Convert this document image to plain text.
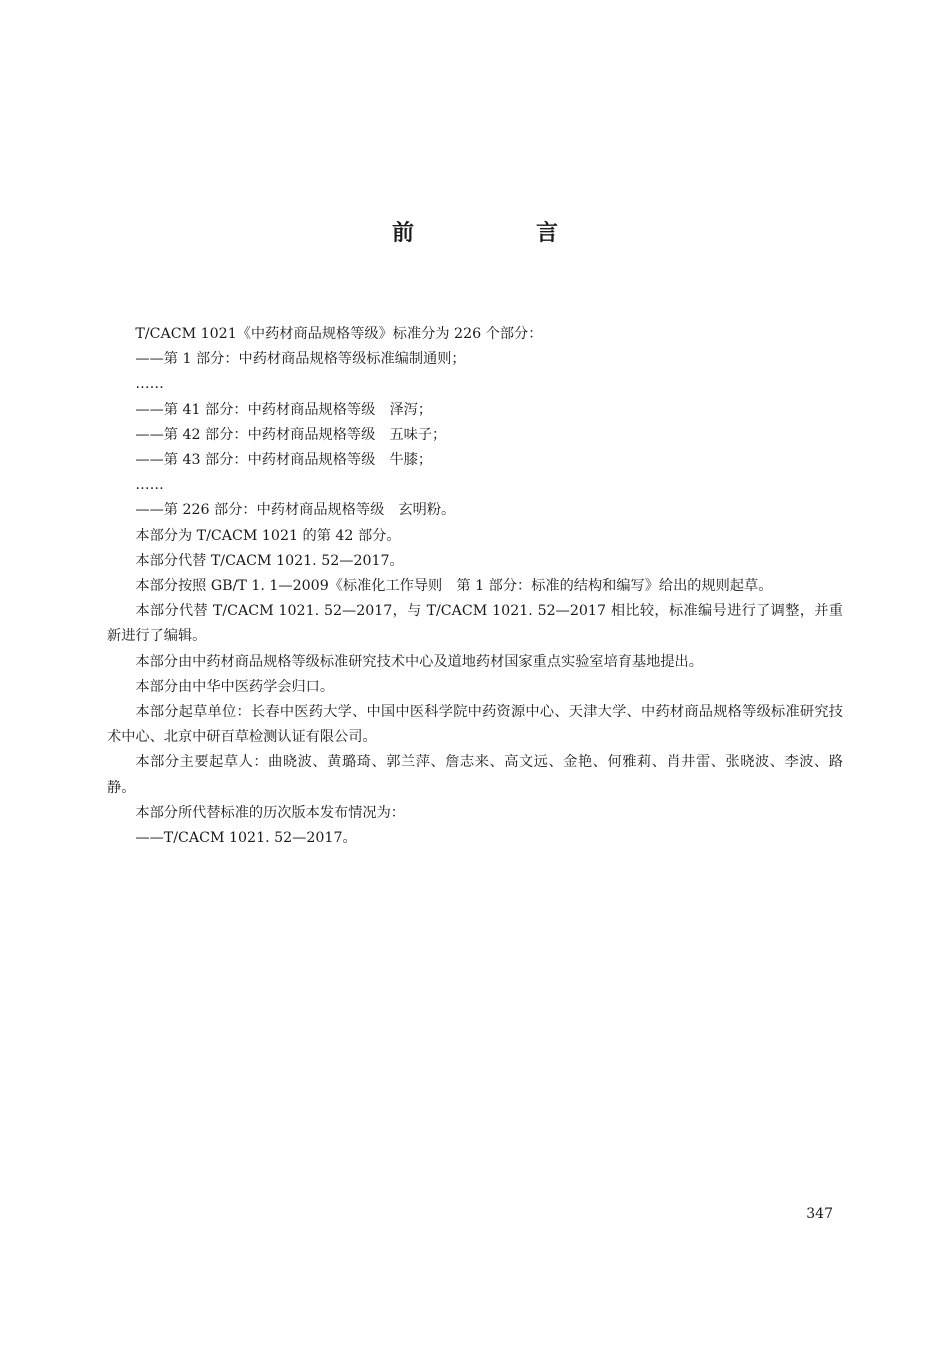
前　言

T/CACM 1021《中药材商品规格等级》标准分为 226 个部分：

——第 1 部分：中药材商品规格等级标准编制通则；

……

——第 41 部分：中药材商品规格等级　泽泻；

——第 42 部分：中药材商品规格等级　五味子；

——第 43 部分：中药材商品规格等级　牛膝；

……

——第 226 部分：中药材商品规格等级　玄明粉。

本部分为 T/CACM 1021 的第 42 部分。

本部分代替 T/CACM 1021. 52—2017。

本部分按照 GB/T 1. 1—2009《标准化工作导则　第 1 部分：标准的结构和编写》给出的规则起草。

本部分代替 T/CACM 1021. 52—2017，与 T/CACM 1021. 52—2017 相比较，标准编号进行了调整，并重新进行了编辑。

本部分由中药材商品规格等级标准研究技术中心及道地药材国家重点实验室培育基地提出。

本部分由中华中医药学会归口。

本部分起草单位：长春中医药大学、中国中医科学院中药资源中心、天津大学、中药材商品规格等级标准研究技术中心、北京中研百草检测认证有限公司。

本部分主要起草人：曲晓波、黄璐琦、郭兰萍、詹志来、高文远、金艳、何雅莉、肖井雷、张晓波、李波、路静。

本部分所代替标准的历次版本发布情况为：

——T/CACM 1021. 52—2017。

347
